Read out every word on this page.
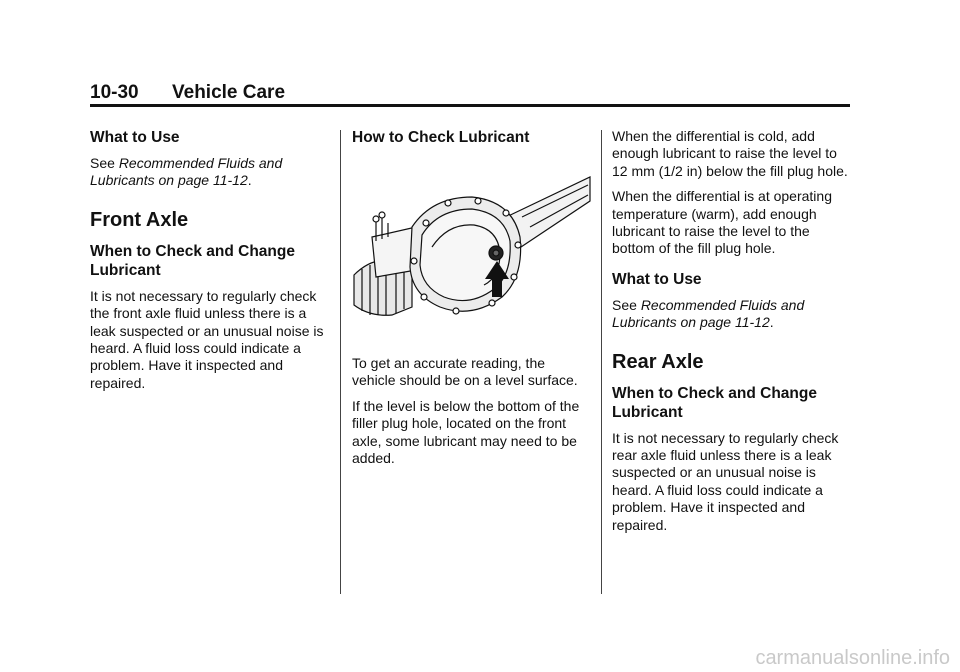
10-30 Vehicle Care
What to Use

See Recommended Fluids and Lubricants on page 11-12.

Front Axle
When to Check and Change Lubricant

It is not necessary to regularly check the front axle fluid unless there is a leak suspected or an unusual noise is heard. A fluid loss could indicate a problem. Have it inspected and repaired.

How to Check Lubricant

To get an accurate reading, the vehicle should be on a level surface.

If the level is below the bottom of the filler plug hole, located on the front axle, some lubricant may need to be added.

When the differential is cold, add enough lubricant to raise the level to 12 mm (1/2 in) below the fill plug hole.

When the differential is at operating temperature (warm), add enough lubricant to raise the level to the bottom of the fill plug hole.

What to Use

See Recommended Fluids and Lubricants on page 11-12.

Rear Axle
When to Check and Change Lubricant

It is not necessary to regularly check rear axle fluid unless there is a leak suspected or an unusual noise is heard. A fluid loss could indicate a problem. Have it inspected and repaired.

carmanualsonline.info
